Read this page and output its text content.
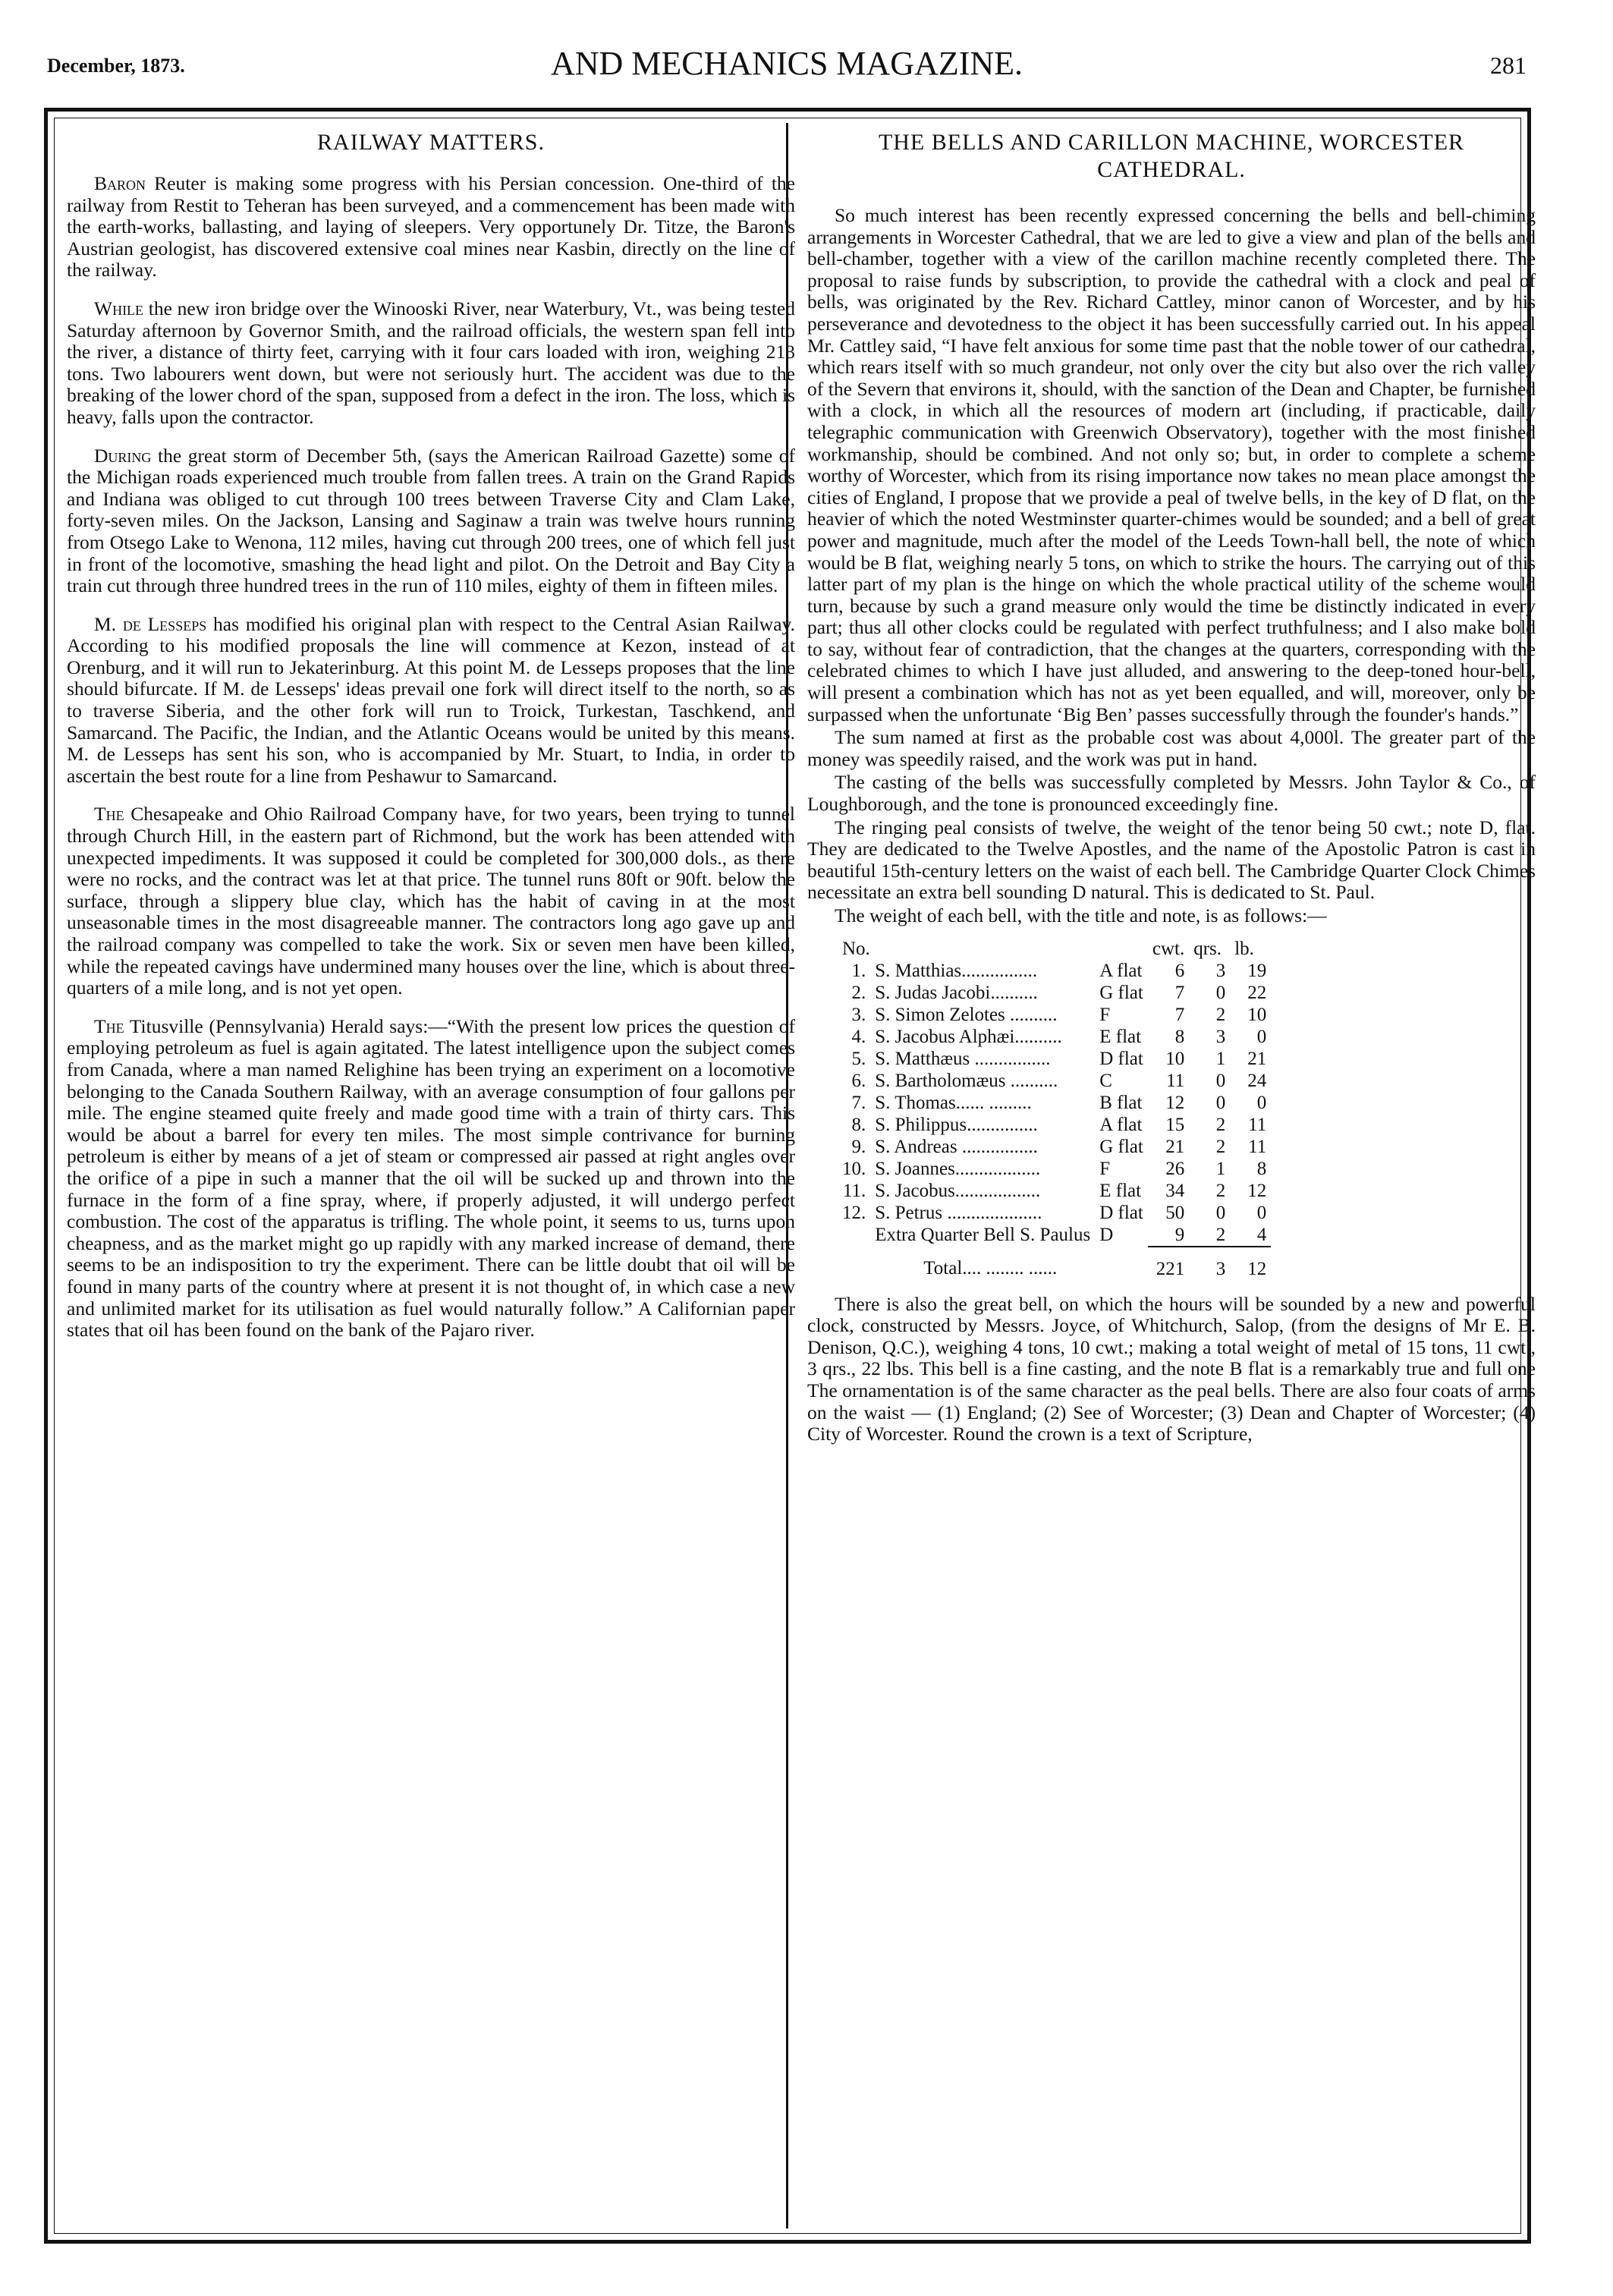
December, 1873.	AND MECHANICS MAGAZINE.	281
RAILWAY MATTERS.

Baron Reuter is making some progress with his Persian concession. One-third of the railway from Restit to Teheran has been surveyed, and a commencement has been made with the earth-works, ballasting, and laying of sleepers. Very opportunely Dr. Titze, the Baron's Austrian geologist, has discovered extensive coal mines near Kasbin, directly on the line of the railway.

While the new iron bridge over the Winooski River, near Waterbury, Vt., was being tested Saturday afternoon by Governor Smith, and the railroad officials, the western span fell into the river, a distance of thirty feet, carrying with it four cars loaded with iron, weighing 213 tons. Two labourers went down, but were not seriously hurt. The accident was due to the breaking of the lower chord of the span, supposed from a defect in the iron. The loss, which is heavy, falls upon the contractor.

During the great storm of December 5th, (says the American Railroad Gazette) some of the Michigan roads experienced much trouble from fallen trees. A train on the Grand Rapids and Indiana was obliged to cut through 100 trees between Traverse City and Clam Lake, forty-seven miles. On the Jackson, Lansing and Saginaw a train was twelve hours running from Otsego Lake to Wenona, 112 miles, having cut through 200 trees, one of which fell just in front of the locomotive, smashing the head light and pilot. On the Detroit and Bay City a train cut through three hundred trees in the run of 110 miles, eighty of them in fifteen miles.

M. de Lesseps has modified his original plan with respect to the Central Asian Railway. According to his modified proposals the line will commence at Kezon, instead of at Orenburg, and it will run to Jekaterinburg. At this point M. de Lesseps proposes that the line should bifurcate. If M. de Lesseps' ideas prevail one fork will direct itself to the north, so as to traverse Siberia, and the other fork will run to Troick, Turkestan, Taschkend, and Samarcand. The Pacific, the Indian, and the Atlantic Oceans would be united by this means. M. de Lesseps has sent his son, who is accompanied by Mr. Stuart, to India, in order to ascertain the best route for a line from Peshawur to Samarcand.

The Chesapeake and Ohio Railroad Company have, for two years, been trying to tunnel through Church Hill, in the eastern part of Richmond, but the work has been attended with unexpected impediments. It was supposed it could be completed for 300,000 dols., as there were no rocks, and the contract was let at that price. The tunnel runs 80ft or 90ft. below the surface, through a slippery blue clay, which has the habit of caving in at the most unseasonable times in the most disagreeable manner. The contractors long ago gave up and the railroad company was compelled to take the work. Six or seven men have been killed, while the repeated cavings have undermined many houses over the line, which is about three-quarters of a mile long, and is not yet open.

The Titusville (Pennsylvania) Herald says:—“With the present low prices the question of employing petroleum as fuel is again agitated. The latest intelligence upon the subject comes from Canada, where a man named Relighine has been trying an experiment on a locomotive belonging to the Canada Southern Railway, with an average consumption of four gallons per mile. The engine steamed quite freely and made good time with a train of thirty cars. This would be about a barrel for every ten miles. The most simple contrivance for burning petroleum is either by means of a jet of steam or compressed air passed at right angles over the orifice of a pipe in such a manner that the oil will be sucked up and thrown into the furnace in the form of a fine spray, where, if properly adjusted, it will undergo perfect combustion. The cost of the apparatus is trifling. The whole point, it seems to us, turns upon cheapness, and as the market might go up rapidly with any marked increase of demand, there seems to be an indisposition to try the experiment. There can be little doubt that oil will be found in many parts of the country where at present it is not thought of, in which case a new and unlimited market for its utilisation as fuel would naturally follow.” A Californian paper states that oil has been found on the bank of the Pajaro river.

THE BELLS AND CARILLON MACHINE, WORCESTER CATHEDRAL.

So much interest has been recently expressed concerning the bells and bell-chiming arrangements in Worcester Cathedral, that we are led to give a view and plan of the bells and bell-chamber, together with a view of the carillon machine recently completed there. The proposal to raise funds by subscription, to provide the cathedral with a clock and peal of bells, was originated by the Rev. Richard Cattley, minor canon of Worcester, and by his perseverance and devotedness to the object it has been successfully carried out. In his appeal Mr. Cattley said, “I have felt anxious for some time past that the noble tower of our cathedral, which rears itself with so much grandeur, not only over the city but also over the rich valley of the Severn that environs it, should, with the sanction of the Dean and Chapter, be furnished with a clock, in which all the resources of modern art (including, if practicable, daily telegraphic communication with Greenwich Observatory), together with the most finished workmanship, should be combined. And not only so; but, in order to complete a scheme worthy of Worcester, which from its rising importance now takes no mean place amongst the cities of England, I propose that we provide a peal of twelve bells, in the key of D flat, on the heavier of which the noted Westminster quarter-chimes would be sounded; and a bell of great power and magnitude, much after the model of the Leeds Town-hall bell, the note of which would be B flat, weighing nearly 5 tons, on which to strike the hours. The carrying out of this latter part of my plan is the hinge on which the whole practical utility of the scheme would turn, because by such a grand measure only would the time be distinctly indicated in every part; thus all other clocks could be regulated with perfect truthfulness; and I also make bold to say, without fear of contradiction, that the changes at the quarters, corresponding with the celebrated chimes to which I have just alluded, and answering to the deep-toned hour-bell, will present a combination which has not as yet been equalled, and will, moreover, only be surpassed when the unfortunate ‘Big Ben’ passes successfully through the founder's hands.”

The sum named at first as the probable cost was about 4,000l. The greater part of the money was speedily raised, and the work was put in hand.

The casting of the bells was successfully completed by Messrs. John Taylor & Co., of Loughborough, and the tone is pronounced exceedingly fine.

The ringing peal consists of twelve, the weight of the tenor being 50 cwt.; note D, flat. They are dedicated to the Twelve Apostles, and the name of the Apostolic Patron is cast in beautiful 15th-century letters on the waist of each bell. The Cambridge Quarter Clock Chimes necessitate an extra bell sounding D natural. This is dedicated to St. Paul.

The weight of each bell, with the title and note, is as follows:—

No.			cwt.	qrs.	lb.
1.	S. Matthias................	A flat	6	3	19
2.	S. Judas Jacobi..........	G flat	7	0	22
3.	S. Simon Zelotes ..........	F	7	2	10
4.	S. Jacobus Alphæi..........	E flat	8	3	0
5.	S. Matthæus ................	D flat	10	1	21
6.	S. Bartholomæus ..........	C	11	0	24
7.	S. Thomas...... .........	B flat	12	0	0
8.	S. Philippus...............	A flat	15	2	11
9.	S. Andreas ................	G flat	21	2	11
10.	S. Joannes..................	F	26	1	8
11.	S. Jacobus..................	E flat	34	2	12
12.	S. Petrus ....................	D flat	50	0	0
	Extra Quarter Bell S. Paulus	D	9	2	4
	Total.... ........ ......		221	3	12

There is also the great bell, on which the hours will be sounded by a new and powerful clock, constructed by Messrs. Joyce, of Whitchurch, Salop, (from the designs of Mr E. B. Denison, Q.C.), weighing 4 tons, 10 cwt.; making a total weight of metal of 15 tons, 11 cwt., 3 qrs., 22 lbs. This bell is a fine casting, and the note B flat is a remarkably true and full one The ornamentation is of the same character as the peal bells. There are also four coats of arms on the waist — (1) England; (2) See of Worcester; (3) Dean and Chapter of Worcester; (4) City of Worcester. Round the crown is a text of Scripture,
